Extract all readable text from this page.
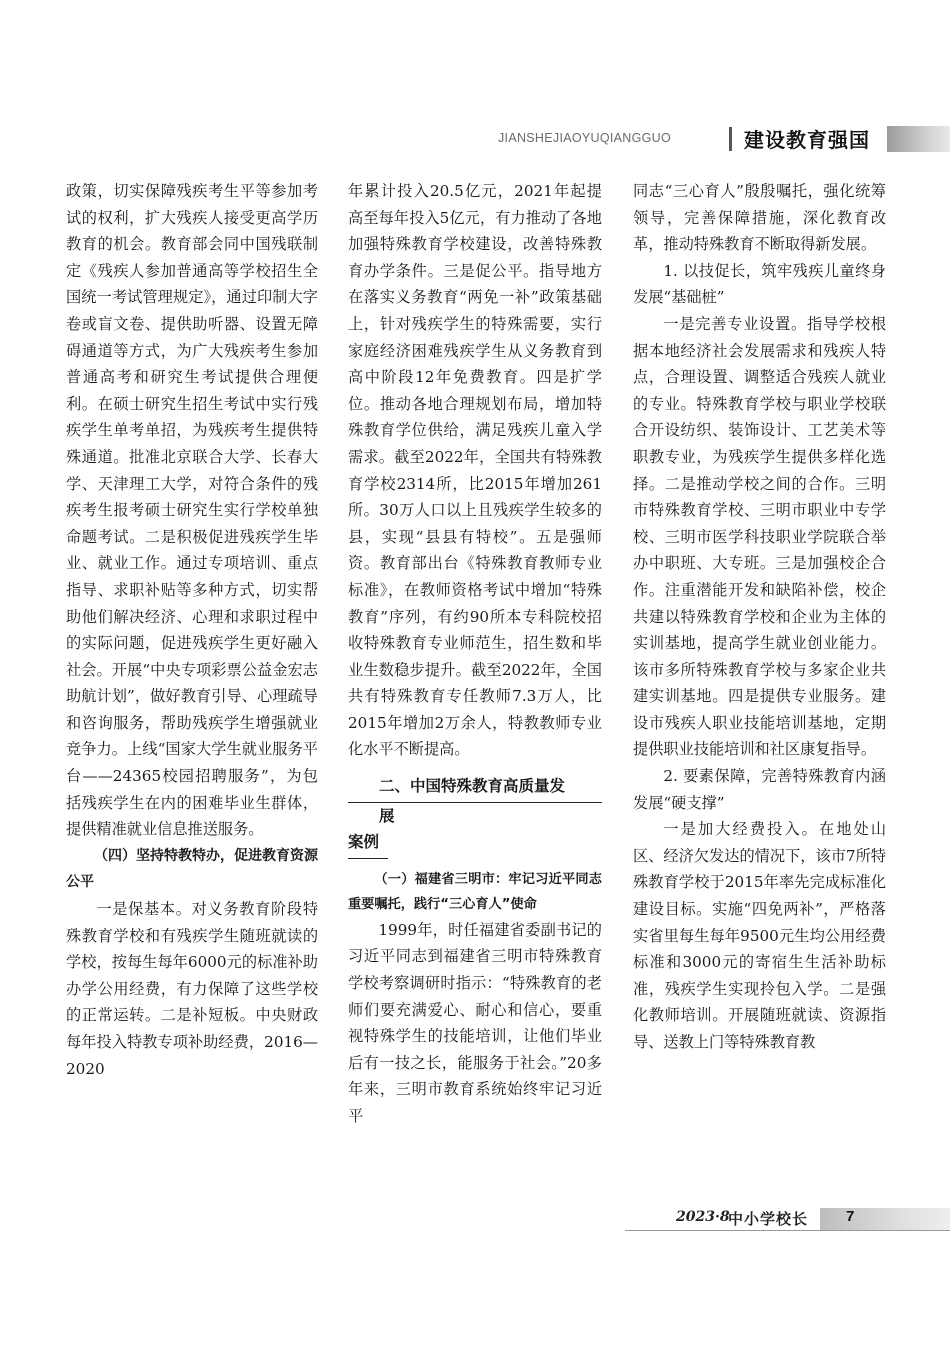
JIANSHEJIAOYUQIANGGUO	建设教育强国

政策，切实保障残疾考生平等参加考试的权利，扩大残疾人接受更高学历教育的机会。教育部会同中国残联制定《残疾人参加普通高等学校招生全国统一考试管理规定》，通过印制大字卷或盲文卷、提供助听器、设置无障碍通道等方式，为广大残疾考生参加普通高考和研究生考试提供合理便利。在硕士研究生招生考试中实行残疾学生单考单招，为残疾考生提供特殊通道。批准北京联合大学、长春大学、天津理工大学，对符合条件的残疾考生报考硕士研究生实行学校单独命题考试。二是积极促进残疾学生毕业、就业工作。通过专项培训、重点指导、求职补贴等多种方式，切实帮助他们解决经济、心理和求职过程中的实际问题，促进残疾学生更好融入社会。开展“中央专项彩票公益金宏志助航计划”，做好教育引导、心理疏导和咨询服务，帮助残疾学生增强就业竞争力。上线“国家大学生就业服务平台——24365校园招聘服务”，为包括残疾学生在内的困难毕业生群体，提供精准就业信息推送服务。

（四）坚持特教特办，促进教育资源公平

一是保基本。对义务教育阶段特殊教育学校和有残疾学生随班就读的学校，按每生每年6000元的标准补助办学公用经费，有力保障了这些学校的正常运转。二是补短板。中央财政每年投入特教专项补助经费，2016—2020

年累计投入20.5亿元，2021年起提高至每年投入5亿元，有力推动了各地加强特殊教育学校建设，改善特殊教育办学条件。三是促公平。指导地方在落实义务教育“两免一补”政策基础上，针对残疾学生的特殊需要，实行家庭经济困难残疾学生从义务教育到高中阶段12年免费教育。四是扩学位。推动各地合理规划布局，增加特殊教育学位供给，满足残疾儿童入学需求。截至2022年，全国共有特殊教育学校2314所，比2015年增加261所。30万人口以上且残疾学生较多的县，实现“县县有特校”。五是强师资。教育部出台《特殊教育教师专业标准》，在教师资格考试中增加“特殊教育”序列，有约90所本专科院校招收特殊教育专业师范生，招生数和毕业生数稳步提升。截至2022年，全国共有特殊教育专任教师7.3万人，比2015年增加2万余人，特教教师专业化水平不断提高。

二、中国特殊教育高质量发
展案例

（一）福建省三明市：牢记习近平同志重要嘱托，践行“三心育人”使命

1999年，时任福建省委副书记的习近平同志到福建省三明市特殊教育学校考察调研时指示：“特殊教育的老师们要充满爱心、耐心和信心，要重视特殊学生的技能培训，让他们毕业后有一技之长，能服务于社会。”20多年来，三明市教育系统始终牢记习近平

同志“三心育人”殷殷嘱托，强化统筹领导，完善保障措施，深化教育改革，推动特殊教育不断取得新发展。

1. 以技促长，筑牢残疾儿童终身发展“基础桩”

一是完善专业设置。指导学校根据本地经济社会发展需求和残疾人特点，合理设置、调整适合残疾人就业的专业。特殊教育学校与职业学校联合开设纺织、装饰设计、工艺美术等职教专业，为残疾学生提供多样化选择。二是推动学校之间的合作。三明市特殊教育学校、三明市职业中专学校、三明市医学科技职业学院联合举办中职班、大专班。三是加强校企合作。注重潜能开发和缺陷补偿，校企共建以特殊教育学校和企业为主体的实训基地，提高学生就业创业能力。该市多所特殊教育学校与多家企业共建实训基地。四是提供专业服务。建设市残疾人职业技能培训基地，定期提供职业技能培训和社区康复指导。

2. 要素保障，完善特殊教育内涵发展“硬支撑”

一是加大经费投入。在地处山区、经济欠发达的情况下，该市7所特殊教育学校于2015年率先完成标准化建设目标。实施“四免两补”，严格落实省里每生每年9500元生均公用经费标准和3000元的寄宿生生活补助标准，残疾学生实现拎包入学。二是强化教师培训。开展随班就读、资源指导、送教上门等特殊教育教

2023·8
中小学校长	7
